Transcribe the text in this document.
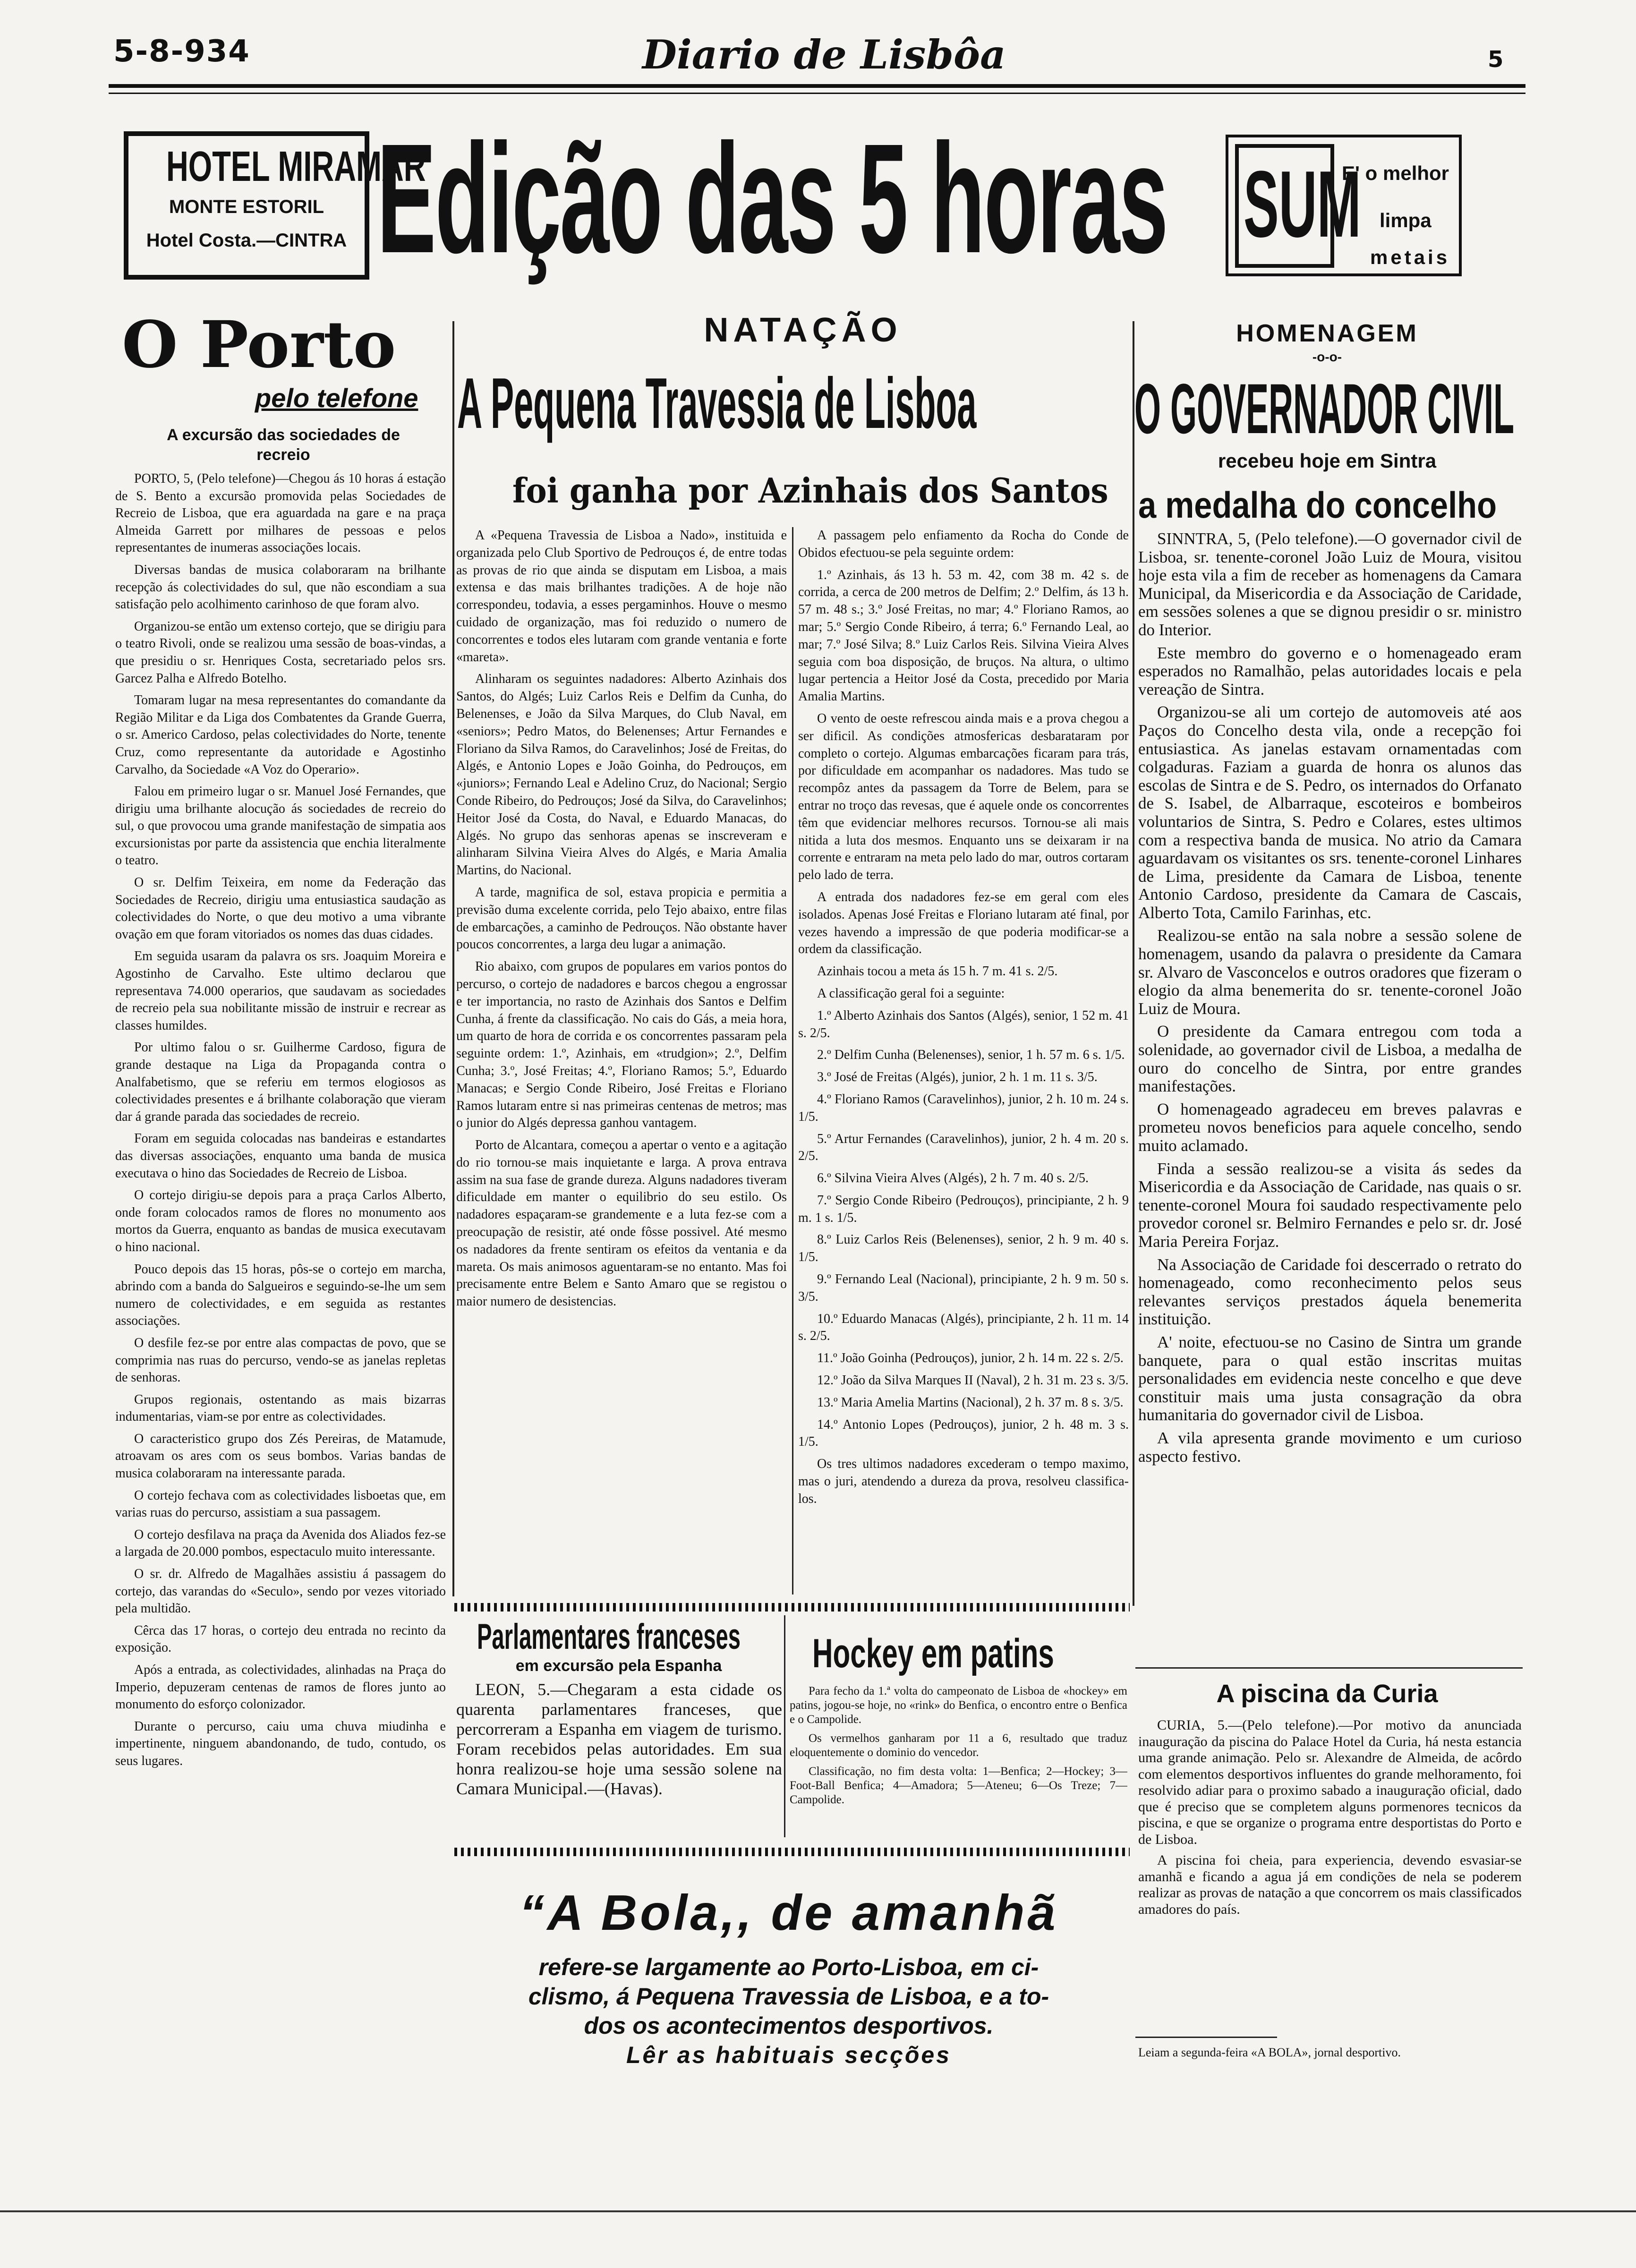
5-8-934	Diario de Lisbôa	5
HOTEL MIRAMAR
MONTE ESTORIL
Hotel Costa.—CINTRA Edição das 5 horas SUM
E' o melhor
limpa
metais
O Porto
pelo telefone
A excursão das sociedades de recreio

PORTO, 5, (Pelo telefone)—Chegou ás 10 horas á estação de S. Bento a excursão promovida pelas Sociedades de Recreio de Lisboa, que era aguardada na gare e na praça Almeida Garrett por milhares de pessoas e pelos representantes de inumeras associações locais.

Diversas bandas de musica colaboraram na brilhante recepção ás colectividades do sul, que não escondiam a sua satisfação pelo acolhimento carinhoso de que foram alvo.

Organizou-se então um extenso cortejo, que se dirigiu para o teatro Rivoli, onde se realizou uma sessão de boas-vindas, a que presidiu o sr. Henriques Costa, secretariado pelos srs. Garcez Palha e Alfredo Botelho.

Tomaram lugar na mesa representantes do comandante da Região Militar e da Liga dos Combatentes da Grande Guerra, o sr. Americo Cardoso, pelas colectividades do Norte, tenente Cruz, como representante da autoridade e Agostinho Carvalho, da Sociedade «A Voz do Operario».

Falou em primeiro lugar o sr. Manuel José Fernandes, que dirigiu uma brilhante alocução ás sociedades de recreio do sul, o que provocou uma grande manifestação de simpatia aos excursionistas por parte da assistencia que enchia literalmente o teatro.

O sr. Delfim Teixeira, em nome da Federação das Sociedades de Recreio, dirigiu uma entusiastica saudação as colectividades do Norte, o que deu motivo a uma vibrante ovação em que foram vitoriados os nomes das duas cidades.

Em seguida usaram da palavra os srs. Joaquim Moreira e Agostinho de Carvalho. Este ultimo declarou que representava 74.000 operarios, que saudavam as sociedades de recreio pela sua nobilitante missão de instruir e recrear as classes humildes.

Por ultimo falou o sr. Guilherme Cardoso, figura de grande destaque na Liga da Propaganda contra o Analfabetismo, que se referiu em termos elogiosos as colectividades presentes e á brilhante colaboração que vieram dar á grande parada das sociedades de recreio.

Foram em seguida colocadas nas bandeiras e estandartes das diversas associações, enquanto uma banda de musica executava o hino das Sociedades de Recreio de Lisboa.

O cortejo dirigiu-se depois para a praça Carlos Alberto, onde foram colocados ramos de flores no monumento aos mortos da Guerra, enquanto as bandas de musica executavam o hino nacional.

Pouco depois das 15 horas, pôs-se o cortejo em marcha, abrindo com a banda do Salgueiros e seguindo-se-lhe um sem numero de colectividades, e em seguida as restantes associações.

O desfile fez-se por entre alas compactas de povo, que se comprimia nas ruas do percurso, vendo-se as janelas repletas de senhoras.

Grupos regionais, ostentando as mais bizarras indumentarias, viam-se por entre as colectividades.

O caracteristico grupo dos Zés Pereiras, de Matamude, atroavam os ares com os seus bombos. Varias bandas de musica colaboraram na interessante parada.

O cortejo fechava com as colectividades lisboetas que, em varias ruas do percurso, assistiam a sua passagem.

O cortejo desfilava na praça da Avenida dos Aliados fez-se a largada de 20.000 pombos, espectaculo muito interessante.

O sr. dr. Alfredo de Magalhães assistiu á passagem do cortejo, das varandas do «Seculo», sendo por vezes vitoriado pela multidão.

Cêrca das 17 horas, o cortejo deu entrada no recinto da exposição.

Após a entrada, as colectividades, alinhadas na Praça do Imperio, depuzeram centenas de ramos de flores junto ao monumento do esforço colonizador.

Durante o percurso, caiu uma chuva miudinha e impertinente, ninguem abandonando, de tudo, contudo, os seus lugares.

NATAÇÃO
A Pequena Travessia de Lisboa
foi ganha por Azinhais dos Santos

A «Pequena Travessia de Lisboa a Nado», instituida e organizada pelo Club Sportivo de Pedrouços é, de entre todas as provas de rio que ainda se disputam em Lisboa, a mais extensa e das mais brilhantes tradições. A de hoje não correspondeu, todavia, a esses pergaminhos. Houve o mesmo cuidado de organização, mas foi reduzido o numero de concorrentes e todos eles lutaram com grande ventania e forte «mareta».

Alinharam os seguintes nadadores: Alberto Azinhais dos Santos, do Algés; Luiz Carlos Reis e Delfim da Cunha, do Belenenses, e João da Silva Marques, do Club Naval, em «seniors»; Pedro Matos, do Belenenses; Artur Fernandes e Floriano da Silva Ramos, do Caravelinhos; José de Freitas, do Algés, e Antonio Lopes e João Goinha, do Pedrouços, em «juniors»; Fernando Leal e Adelino Cruz, do Nacional; Sergio Conde Ribeiro, do Pedrouços; José da Silva, do Caravelinhos; Heitor José da Costa, do Naval, e Eduardo Manacas, do Algés. No grupo das senhoras apenas se inscreveram e alinharam Silvina Vieira Alves do Algés, e Maria Amalia Martins, do Nacional.

A tarde, magnifica de sol, estava propicia e permitia a previsão duma excelente corrida, pelo Tejo abaixo, entre filas de embarcações, a caminho de Pedrouços. Não obstante haver poucos concorrentes, a larga deu lugar a animação.

Rio abaixo, com grupos de populares em varios pontos do percurso, o cortejo de nadadores e barcos chegou a engrossar e ter importancia, no rasto de Azinhais dos Santos e Delfim Cunha, á frente da classificação. No cais do Gás, a meia hora, um quarto de hora de corrida e os concorrentes passaram pela seguinte ordem: 1.º, Azinhais, em «trudgion»; 2.º, Delfim Cunha; 3.º, José Freitas; 4.º, Floriano Ramos; 5.º, Eduardo Manacas; e Sergio Conde Ribeiro, José Freitas e Floriano Ramos lutaram entre si nas primeiras centenas de metros; mas o junior do Algés depressa ganhou vantagem.

Porto de Alcantara, começou a apertar o vento e a agitação do rio tornou-se mais inquietante e larga. A prova entrava assim na sua fase de grande dureza. Alguns nadadores tiveram dificuldade em manter o equilibrio do seu estilo. Os nadadores espaçaram-se grandemente e a luta fez-se com a preocupação de resistir, até onde fôsse possivel. Até mesmo os nadadores da frente sentiram os efeitos da ventania e da mareta. Os mais animosos aguentaram-se no entanto. Mas foi precisamente entre Belem e Santo Amaro que se registou o maior numero de desistencias.

A passagem pelo enfiamento da Rocha do Conde de Obidos efectuou-se pela seguinte ordem:

1.º Azinhais, ás 13 h. 53 m. 42, com 38 m. 42 s. de corrida, a cerca de 200 metros de Delfim; 2.º Delfim, ás 13 h. 57 m. 48 s.; 3.º José Freitas, no mar; 4.º Floriano Ramos, ao mar; 5.º Sergio Conde Ribeiro, á terra; 6.º Fernando Leal, ao mar; 7.º José Silva; 8.º Luiz Carlos Reis. Silvina Vieira Alves seguia com boa disposição, de bruços. Na altura, o ultimo lugar pertencia a Heitor José da Costa, precedido por Maria Amalia Martins.

O vento de oeste refrescou ainda mais e a prova chegou a ser dificil. As condições atmosfericas desbarataram por completo o cortejo. Algumas embarcações ficaram para trás, por dificuldade em acompanhar os nadadores. Mas tudo se recompôz antes da passagem da Torre de Belem, para se entrar no troço das revesas, que é aquele onde os concorrentes têm que evidenciar melhores recursos. Tornou-se ali mais nitida a luta dos mesmos. Enquanto uns se deixaram ir na corrente e entraram na meta pelo lado do mar, outros cortaram pelo lado de terra.

A entrada dos nadadores fez-se em geral com eles isolados. Apenas José Freitas e Floriano lutaram até final, por vezes havendo a impressão de que poderia modificar-se a ordem da classificação.

Azinhais tocou a meta ás 15 h. 7 m. 41 s. 2/5.

A classificação geral foi a seguinte:

1.º Alberto Azinhais dos Santos (Algés), senior, 1 52 m. 41 s. 2/5.

2.º Delfim Cunha (Belenenses), senior, 1 h. 57 m. 6 s. 1/5.

3.º José de Freitas (Algés), junior, 2 h. 1 m. 11 s. 3/5.

4.º Floriano Ramos (Caravelinhos), junior, 2 h. 10 m. 24 s. 1/5.

5.º Artur Fernandes (Caravelinhos), junior, 2 h. 4 m. 20 s. 2/5.

6.º Silvina Vieira Alves (Algés), 2 h. 7 m. 40 s. 2/5.

7.º Sergio Conde Ribeiro (Pedrouços), principiante, 2 h. 9 m. 1 s. 1/5.

8.º Luiz Carlos Reis (Belenenses), senior, 2 h. 9 m. 40 s. 1/5.

9.º Fernando Leal (Nacional), principiante, 2 h. 9 m. 50 s. 3/5.

10.º Eduardo Manacas (Algés), principiante, 2 h. 11 m. 14 s. 2/5.

11.º João Goinha (Pedrouços), junior, 2 h. 14 m. 22 s. 2/5.

12.º João da Silva Marques II (Naval), 2 h. 31 m. 23 s. 3/5.

13.º Maria Amelia Martins (Nacional), 2 h. 37 m. 8 s. 3/5.

14.º Antonio Lopes (Pedrouços), junior, 2 h. 48 m. 3 s. 1/5.

Os tres ultimos nadadores excederam o tempo maximo, mas o juri, atendendo a dureza da prova, resolveu classifica-los.

Parlamentares franceses
em excursão pela Espanha

LEON, 5.—Chegaram a esta cidade os quarenta parlamentares franceses, que percorreram a Espanha em viagem de turismo. Foram recebidos pelas autoridades. Em sua honra realizou-se hoje uma sessão solene na Camara Municipal.—(Havas).

Hockey em patins

Para fecho da 1.ª volta do campeonato de Lisboa de «hockey» em patins, jogou-se hoje, no «rink» do Benfica, o encontro entre o Benfica e o Campolide.

Os vermelhos ganharam por 11 a 6, resultado que traduz eloquentemente o dominio do vencedor.

Classificação, no fim desta volta: 1—Benfica; 2—Hockey; 3—Foot-Ball Benfica; 4—Amadora; 5—Ateneu; 6—Os Treze; 7—Campolide.

“A Bola,, de amanhã
refere-se largamente ao Porto-Lisboa, em ci-
clismo, á Pequena Travessia de Lisboa, e a to-
dos os acontecimentos desportivos.
Lêr as habituais secções
HOMENAGEM
-o-o-
O GOVERNADOR CIVIL
recebeu hoje em Sintra
a medalha do concelho

SINNTRA, 5, (Pelo telefone).—O governador civil de Lisboa, sr. tenente-coronel João Luiz de Moura, visitou hoje esta vila a fim de receber as homenagens da Camara Municipal, da Misericordia e da Associação de Caridade, em sessões solenes a que se dignou presidir o sr. ministro do Interior.

Este membro do governo e o homenageado eram esperados no Ramalhão, pelas autoridades locais e pela vereação de Sintra.

Organizou-se ali um cortejo de automoveis até aos Paços do Concelho desta vila, onde a recepção foi entusiastica. As janelas estavam ornamentadas com colgaduras. Faziam a guarda de honra os alunos das escolas de Sintra e de S. Pedro, os internados do Orfanato de S. Isabel, de Albarraque, escoteiros e bombeiros voluntarios de Sintra, S. Pedro e Colares, estes ultimos com a respectiva banda de musica. No atrio da Camara aguardavam os visitantes os srs. tenente-coronel Linhares de Lima, presidente da Camara de Lisboa, tenente Antonio Cardoso, presidente da Camara de Cascais, Alberto Tota, Camilo Farinhas, etc.

Realizou-se então na sala nobre a sessão solene de homenagem, usando da palavra o presidente da Camara sr. Alvaro de Vasconcelos e outros oradores que fizeram o elogio da alma benemerita do sr. tenente-coronel João Luiz de Moura.

O presidente da Camara entregou com toda a solenidade, ao governador civil de Lisboa, a medalha de ouro do concelho de Sintra, por entre grandes manifestações.

O homenageado agradeceu em breves palavras e prometeu novos beneficios para aquele concelho, sendo muito aclamado.

Finda a sessão realizou-se a visita ás sedes da Misericordia e da Associação de Caridade, nas quais o sr. tenente-coronel Moura foi saudado respectivamente pelo provedor coronel sr. Belmiro Fernandes e pelo sr. dr. José Maria Pereira Forjaz.

Na Associação de Caridade foi descerrado o retrato do homenageado, como reconhecimento pelos seus relevantes serviços prestados áquela benemerita instituição.

A' noite, efectuou-se no Casino de Sintra um grande banquete, para o qual estão inscritas muitas personalidades em evidencia neste concelho e que deve constituir mais uma justa consagração da obra humanitaria do governador civil de Lisboa.

A vila apresenta grande movimento e um curioso aspecto festivo.

A piscina da Curia

CURIA, 5.—(Pelo telefone).—Por motivo da anunciada inauguração da piscina do Palace Hotel da Curia, há nesta estancia uma grande animação. Pelo sr. Alexandre de Almeida, de acôrdo com elementos desportivos influentes do grande melhoramento, foi resolvido adiar para o proximo sabado a inauguração oficial, dado que é preciso que se completem alguns pormenores tecnicos da piscina, e que se organize o programa entre desportistas do Porto e de Lisboa.

A piscina foi cheia, para experiencia, devendo esvasiar-se amanhã e ficando a agua já em condições de nela se poderem realizar as provas de natação a que concorrem os mais classificados amadores do país.

Leiam a segunda-feira «A BOLA», jornal desportivo.
